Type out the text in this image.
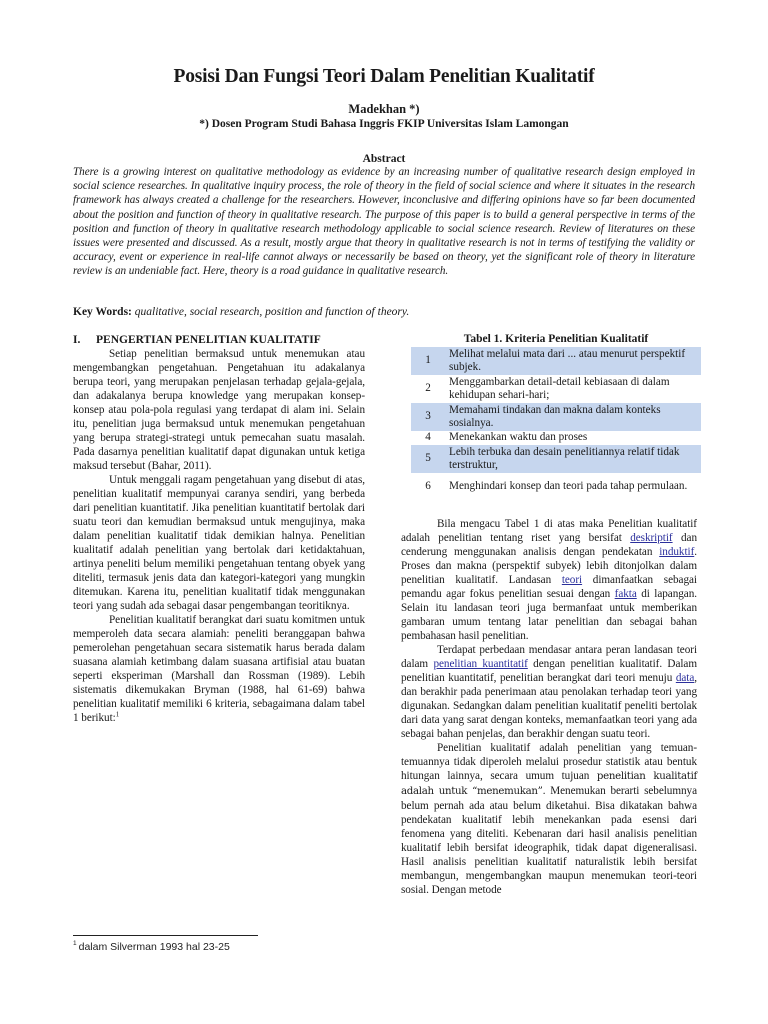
Posisi Dan Fungsi Teori Dalam Penelitian Kualitatif
Madekhan *)
*) Dosen Program Studi Bahasa Inggris FKIP Universitas Islam Lamongan
Abstract
There is a growing interest on qualitative methodology as evidence by an increasing number of qualitative research design employed in social science researches. In qualitative inquiry process, the role of theory in the field of social science and where it situates in the research framework has always created a challenge for the researchers. However, inconclusive and differing opinions have so far been documented about the position and function of theory in qualitative research. The purpose of this paper is to build a general perspective in terms of the position and function of theory in qualitative research methodology applicable to social science research. Review of literatures on these issues were presented and discussed. As a result, mostly argue that theory in qualitative research is not in terms of testifying the validity or accuracy, event or experience in real-life cannot always or necessarily be based on theory, yet the significant role of theory in literature review is an undeniable fact. Here, theory is a road guidance in qualitative research.
Key Words: qualitative, social research, position and function of theory.

I. PENGERTIAN PENELITIAN KUALITATIF

Setiap penelitian bermaksud untuk menemukan atau mengembangkan pengetahuan. Pengetahuan itu adakalanya berupa teori, yang merupakan penjelasan terhadap gejala-gejala, dan adakalanya berupa knowledge yang merupakan konsep-konsep atau pola-pola regulasi yang terdapat di alam ini. Selain itu, penelitian juga bermaksud untuk menemukan pengetahuan yang berupa strategi-strategi untuk pemecahan suatu masalah. Pada dasarnya penelitian kualitatif dapat digunakan untuk ketiga maksud tersebut (Bahar, 2011).

Untuk menggali ragam pengetahuan yang disebut di atas, penelitian kualitatif mempunyai caranya sendiri, yang berbeda dari penelitian kuantitatif. Jika penelitian kuantitatif bertolak dari suatu teori dan kemudian bermaksud untuk mengujinya, maka dalam penelitian kualitatif tidak demikian halnya. Penelitian kualitatif adalah penelitian yang bertolak dari ketidaktahuan, artinya peneliti belum memiliki pengetahuan tentang obyek yang diteliti, termasuk jenis data dan kategori-kategori yang mungkin ditemukan. Karena itu, penelitian kualitatif tidak menggunakan teori yang sudah ada sebagai dasar pengembangan teoritiknya.

Penelitian kualitatif berangkat dari suatu komitmen untuk memperoleh data secara alamiah: peneliti beranggapan bahwa pemerolehan pengetahuan secara sistematik harus berada dalam suasana alamiah ketimbang dalam suasana artifisial atau buatan seperti eksperiman (Marshall dan Rossman (1989). Lebih sistematis dikemukakan Bryman (1988, hal 61-69) bahwa penelitian kualitatif memiliki 6 kriteria, sebagaimana dalam tabel 1 berikut:$^1$

Tabel 1. Kriteria Penelitian Kualitatif

1	Melihat melalui mata dari ... atau menurut perspektif subjek.
2	Menggambarkan detail-detail kebiasaan di dalam kehidupan sehari-hari;
3	Memahami tindakan dan makna dalam konteks sosialnya.
4	Menekankan waktu dan proses
5	Lebih terbuka dan desain penelitiannya relatif tidak terstruktur,
6	Menghindari konsep dan teori pada tahap permulaan.

Bila mengacu Tabel 1 di atas maka Penelitian kualitatif adalah penelitian tentang riset yang bersifat deskriptif dan cenderung menggunakan analisis dengan pendekatan induktif. Proses dan makna (perspektif subyek) lebih ditonjolkan dalam penelitian kualitatif. Landasan teori dimanfaatkan sebagai pemandu agar fokus penelitian sesuai dengan fakta di lapangan. Selain itu landasan teori juga bermanfaat untuk memberikan gambaran umum tentang latar penelitian dan sebagai bahan pembahasan hasil penelitian.

Terdapat perbedaan mendasar antara peran landasan teori dalam penelitian kuantitatif dengan penelitian kualitatif. Dalam penelitian kuantitatif, penelitian berangkat dari teori menuju data, dan berakhir pada penerimaan atau penolakan terhadap teori yang digunakan. Sedangkan dalam penelitian kualitatif peneliti bertolak dari data yang sarat dengan konteks, memanfaatkan teori yang ada sebagai bahan penjelas, dan berakhir dengan suatu teori.

Penelitian kualitatif adalah penelitian yang temuan-temuannya tidak diperoleh melalui prosedur statistik atau bentuk hitungan lainnya, secara umum tujuan penelitian kualitatif adalah untuk “menemukan”. Menemukan berarti sebelumnya belum pernah ada atau belum diketahui. Bisa dikatakan bahwa pendekatan kualitatif lebih menekankan pada esensi dari fenomena yang diteliti. Kebenaran dari hasil analisis penelitian kualitatif lebih bersifat ideographik, tidak dapat digeneralisasi. Hasil analisis penelitian kualitatif naturalistik lebih bersifat membangun, mengembangkan maupun menemukan teori-teori sosial. Dengan metode

$^1$ dalam Silverman 1993 hal 23-25
